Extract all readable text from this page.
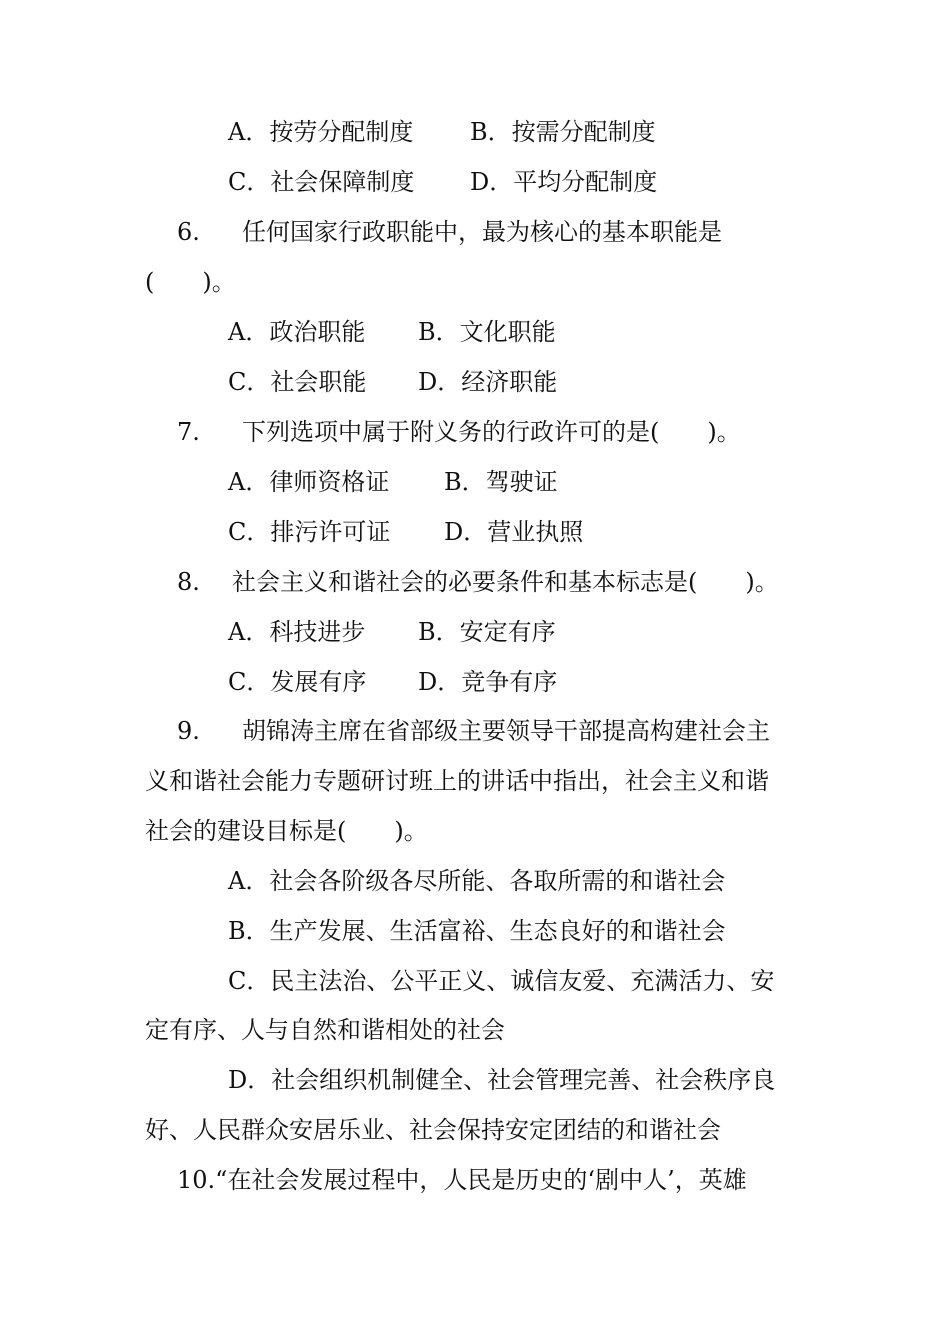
A．按劳分配制度 B．按需分配制度
C．社会保障制度 D．平均分配制度
6. 任何国家行政职能中，最为核心的基本职能是
(　　)。
A．政治职能 B．文化职能
C．社会职能 D．经济职能
7. 下列选项中属于附义务的行政许可的是(　　)。
A．律师资格证 B．驾驶证
C．排污许可证 D．营业执照
8. 社会主义和谐社会的必要条件和基本标志是(　　)。
A．科技进步 B．安定有序
C．发展有序 D．竞争有序
9. 胡锦涛主席在省部级主要领导干部提高构建社会主
义和谐社会能力专题研讨班上的讲话中指出，社会主义和谐
社会的建设目标是(　　)。
A．社会各阶级各尽所能、各取所需的和谐社会
B．生产发展、生活富裕、生态良好的和谐社会
C．民主法治、公平正义、诚信友爱、充满活力、安
定有序、人与自然和谐相处的社会
D．社会组织机制健全、社会管理完善、社会秩序良
好、人民群众安居乐业、社会保持安定团结的和谐社会
10.“在社会发展过程中，人民是历史的‘剧中人’，英雄
